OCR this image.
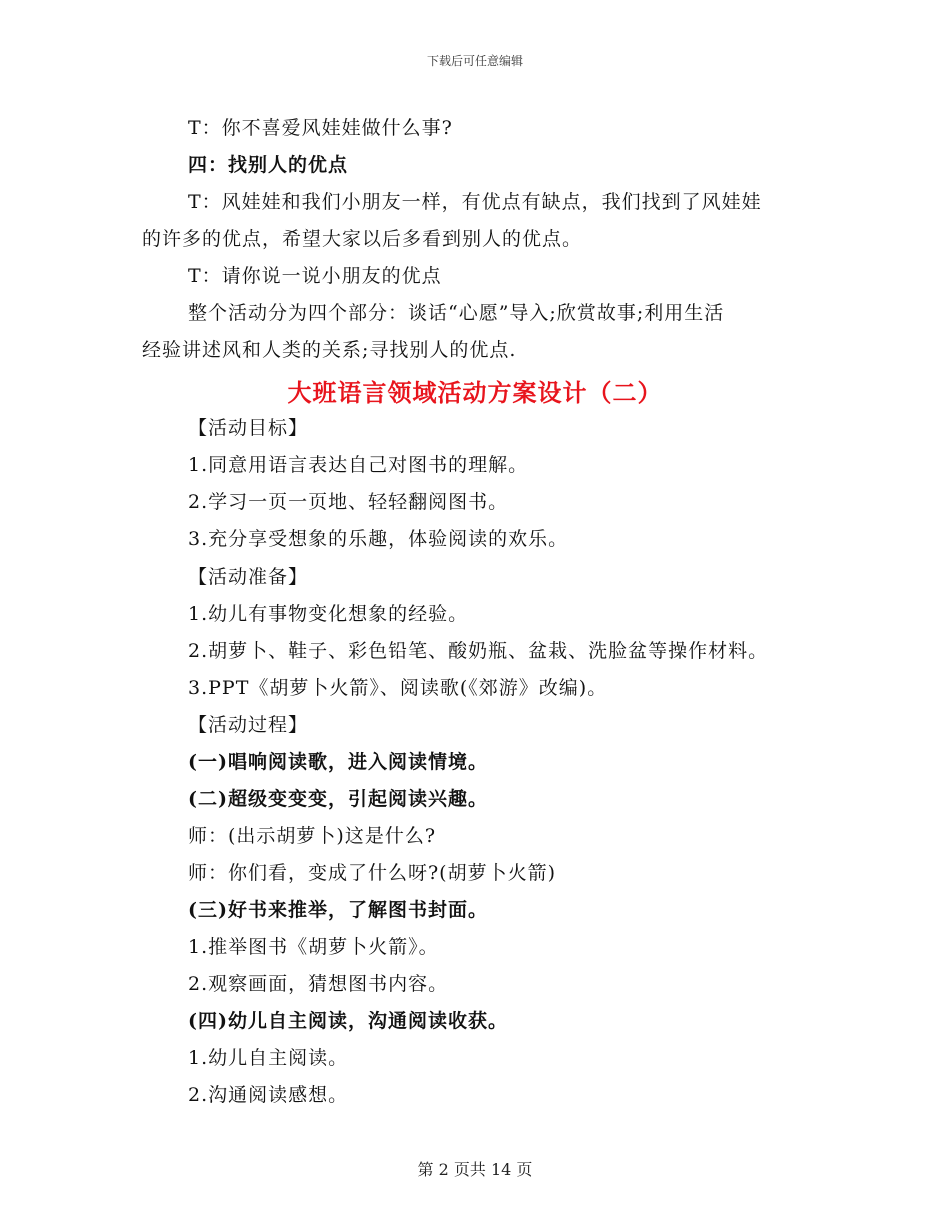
下载后可任意编辑
T：你不喜爱风娃娃做什么事?
四：找别人的优点
T：风娃娃和我们小朋友一样，有优点有缺点，我们找到了风娃娃
的许多的优点，希望大家以后多看到别人的优点。
T：请你说一说小朋友的优点
整个活动分为四个部分：谈话“心愿”导入;欣赏故事;利用生活
经验讲述风和人类的关系;寻找别人的优点.
大班语言领域活动方案设计（二）
【活动目标】
1.同意用语言表达自己对图书的理解。
2.学习一页一页地、轻轻翻阅图书。
3.充分享受想象的乐趣，体验阅读的欢乐。
【活动准备】
1.幼儿有事物变化想象的经验。
2.胡萝卜、鞋子、彩色铅笔、酸奶瓶、盆栽、洗脸盆等操作材料。
3.PPT《胡萝卜火箭》、阅读歌(《郊游》改编)。
【活动过程】
(一)唱响阅读歌，进入阅读情境。
(二)超级变变变，引起阅读兴趣。
师：(出示胡萝卜)这是什么?
师：你们看，变成了什么呀?(胡萝卜火箭)
(三)好书来推举，了解图书封面。
1.推举图书《胡萝卜火箭》。
2.观察画面，猜想图书内容。
(四)幼儿自主阅读，沟通阅读收获。
1.幼儿自主阅读。
2.沟通阅读感想。
第 2 页共 14 页
